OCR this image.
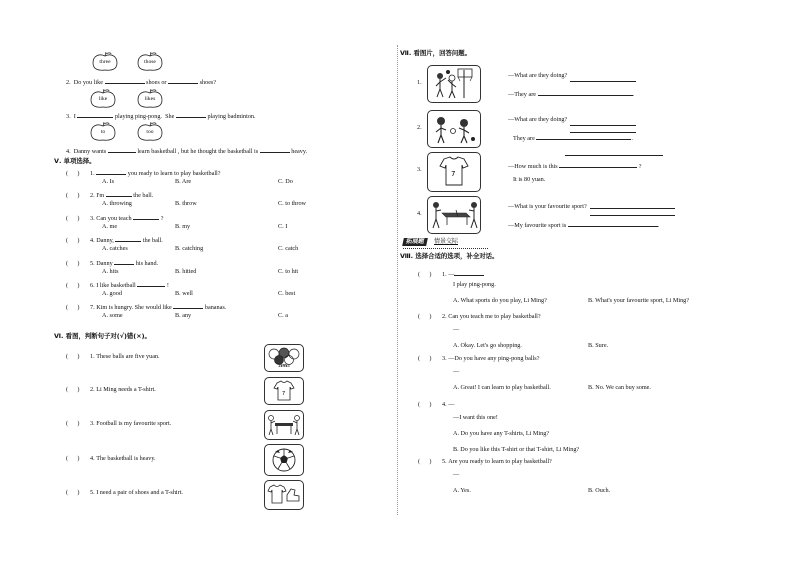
three	those
2. Do you like	shoes or	shoes?
like	likes
3. I	playing ping-pong. She	playing badminton.
to	too
4. Danny wants	learn basketball , but he thought the basketball is	heavy.
Ⅴ. 单项选择。
(      ) 1.	you ready to learn to play basketball?
A. Is	B. Are	C. Do
(      ) 2. I'm	the ball.
A. throwing	B. throw	C. to throw
(      ) 3. Can you teach	?
A. me	B. my	C. I
(      ) 4. Danny,	the ball.
A. catches	B. catching	C. catch
(      ) 5. Danny	his hand.
A. hits	B. hitted	C. to hit
(      ) 6. I like basketball	!
A. good	B. well	C. best
(      ) 7. Kim is hungry. She would like	bananas.
A. some	B. any	C. a
Ⅵ. 看图，判断句子对(√)错(×)。
(      ) 1. These balls are five yuan.
(      ) 2. Li Ming needs a T-shirt.
(      ) 3. Football is my favourite sport.
(      ) 4. The basketball is heavy.
(      ) 5. I need a pair of shoes and a T-shirt.
2¥9¥5
7
Ⅶ. 看图片，回答问题。
7
1.
—What are they doing?
—They are	.
2.
—What are they doing?
They are	.
3.	—How much is this	?
It is 80 yuan.
4.
—What is your favourite sport?
—My favourite sport is	.
拓展题	情景交际
Ⅷ. 选择合适的选项，补全对话。
(      ) 1. —
I play ping-pong.
A. What sports do you play, Li Ming?	B. What's your favourite sport, Li Ming?
(      ) 2. Can you teach me to play basketball?
—
A. Okay. Let's go shopping.	B. Sure.
(      ) 3. —Do you have any ping-pong balls?
—
A. Great! I can learn to play basketball.	B. No. We can buy some.
(      ) 4. —
—I want this one!
A. Do you have any T-shirts, Li Ming?
B. Do you like this T-shirt or that T-shirt, Li Ming?
(      ) 5. Are you ready to learn to play basketball?
—
A. Yes.	B. Ouch.
